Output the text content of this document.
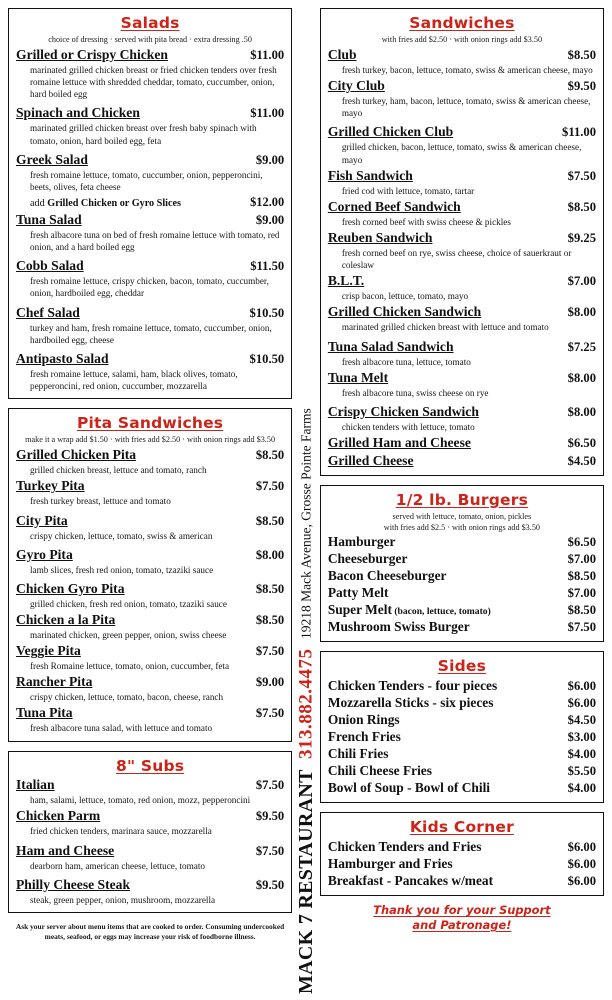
Salads
choice of dressing · served with pita bread · extra dressing .50
Grilled or Crispy Chicken	$11.00
marinated grilled chicken breast or fried chicken tenders over fresh romaine lettuce with shredded cheddar, tomato, cuccumber, onion, hard boiled egg
Spinach and Chicken	$11.00
marinated grilled chicken breast over fresh baby spinach with tomato, onion, hard boiled egg, feta
Greek Salad	$9.00
fresh romaine lettuce, tomato, cuccumber, onion, pepperoncini, beets, olives, feta cheese
add Grilled Chicken or Gyro Slices	$12.00
Tuna Salad	$9.00
fresh albacore tuna on bed of fresh romaine lettuce with tomato, red onion, and a hard boiled egg
Cobb Salad	$11.50
fresh romaine lettuce, crispy chicken, bacon, tomato, cuccumber, onion, hardboiled egg, cheddar
Chef Salad	$10.50
turkey and ham, fresh romaine lettuce, tomato, cuccumber, onion, hardboiled egg, cheese
Antipasto Salad	$10.50
fresh romaine lettuce, salami, ham, black olives, tomato, pepperoncini, red onion, cuccumber, mozzarella
Pita Sandwiches
make it a wrap add $1.50 · with fries add $2.50 · with onion rings add $3.50
Grilled Chicken Pita	$8.50
grilled chicken breast, lettuce and tomato, ranch
Turkey Pita	$7.50
fresh turkey breast, lettuce and tomato
City Pita	$8.50
crispy chicken, lettuce, tomato, swiss & american
Gyro Pita	$8.00
lamb slices, fresh red onion, tomato, tzaziki sauce
Chicken Gyro Pita	$8.50
grilled chicken, fresh red onion, tomato, tzaziki sauce
Chicken a la Pita	$8.50
marinated chicken, green pepper, onion, swiss cheese
Veggie Pita	$7.50
fresh Romaine lettuce, tomato, onion, cuccumber, feta
Rancher Pita	$9.00
crispy chicken, lettuce, tomato, bacon, cheese, ranch
Tuna Pita	$7.50
fresh albacore tuna salad, with lettuce and tomato
8" Subs
Italian	$7.50
ham, salami, lettuce, tomato, red onion, mozz, pepperoncini
Chicken Parm	$9.50
fried chicken tenders, marinara sauce, mozzarella
Ham and Cheese	$7.50
dearborn ham, american cheese, lettuce, tomato
Philly Cheese Steak	$9.50
steak, green pepper, onion, mushroom, mozzarella
Ask your server about menu items that are cooked to order. Consuming undercooked meats, seafood, or eggs may increase your risk of foodborne illness.	MACK 7 RESTAURANT
313.882.4475
19218 Mack Avenue, Grosse Pointe Farms
Sandwiches
with fries add $2.50 · with onion rings add $3.50
Club	$8.50
fresh turkey, bacon, lettuce, tomato, swiss & american cheese, mayo
City Club	$9.50
fresh turkey, ham, bacon, lettuce, tomato, swiss & american cheese, mayo
Grilled Chicken Club	$11.00
grilled chicken, bacon, lettuce, tomato, swiss & american cheese, mayo
Fish Sandwich	$7.50
fried cod with lettuce, tomato, tartar
Corned Beef Sandwich	$8.50
fresh corned beef with swiss cheese & pickles
Reuben Sandwich	$9.25
fresh corned beef on rye, swiss cheese, choice of sauerkraut or coleslaw
B.L.T.	$7.00
crisp bacon, lettuce, tomato, mayo
Grilled Chicken Sandwich	$8.00
marinated grilled chicken breast with lettuce and tomato
Tuna Salad Sandwich	$7.25
fresh albacore tuna, lettuce, tomato
Tuna Melt	$8.00
fresh albacore tuna, swiss cheese on rye
Crispy Chicken Sandwich	$8.00
chicken tenders with lettuce, tomato
Grilled Ham and Cheese	$6.50
Grilled Cheese	$4.50
1/2 lb. Burgers
served with lettuce, tomato, onion, pickles
with fries add $2.5 · with onion rings add $3.50
Hamburger	$6.50
Cheeseburger	$7.00
Bacon Cheeseburger	$8.50
Patty Melt	$7.00
Super Melt (bacon, lettuce, tomato)	$8.50
Mushroom Swiss Burger	$7.50
Sides
Chicken Tenders - four pieces	$6.00
Mozzarella Sticks - six pieces	$6.00
Onion Rings	$4.50
French Fries	$3.00
Chili Fries	$4.00
Chili Cheese Fries	$5.50
Bowl of Soup - Bowl of Chili	$4.00
Kids Corner
Chicken Tenders and Fries	$6.00
Hamburger and Fries	$6.00
Breakfast - Pancakes w/meat	$6.00
Thank you for your Support
and Patronage!
